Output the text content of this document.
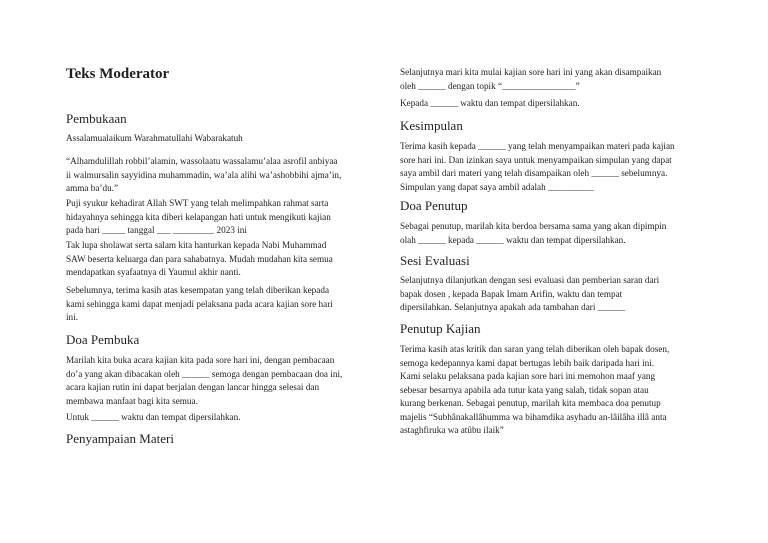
Teks Moderator
Pembukaan
Assalamualaikum Warahmatullahi Wabarakatuh
“Alhamdulillah robbil’alamin, wassolaatu wassalamu’alaa asrofil anbiyaa
ii walmursalin sayyidina muhammadin, wa’ala alihi wa’ashobbihi ajma’in,
amma ba’du.”
Puji syukur kehadirat Allah SWT yang telah melimpahkan rahmat sarta
hidayahnya sehingga kita diberi kelapangan hati untuk mengikuti kajian
pada hari _____ tanggal ___ _________ 2023 ini
Tak lupa sholawat serta salam kita hanturkan kepada Nabi Muhammad
SAW beserta keluarga dan para sahabatnya. Mudah mudahan kita semua
mendapatkan syafaatnya di Yaumul akhir nanti.
Sebelumnya, terima kasih atas kesempatan yang telah diberikan kepada
kami sehingga kami dapat menjadi pelaksana pada acara kajian sore hari
ini.
Doa Pembuka
Marilah kita buka acara kajian kita pada sore hari ini, dengan pembacaan
do’a yang akan dibacakan oleh ______ semoga dengan pembacaan doa ini,
acara kajian rutin ini dapat berjalan dengan lancar hingga selesai dan
membawa manfaat bagi kita semua.
Untuk ______ waktu dan tempat dipersilahkan.
Penyampaian Materi
Selanjutnya mari kita mulai kajian sore hari ini yang akan disampaikan
oleh ______ dengan topik “________________”
Kepada ______ waktu dan tempat dipersilahkan.
Kesimpulan
Terima kasih kepada ______ yang telah menyampaikan materi pada kajian
sore hari ini. Dan izinkan saya untuk menyampaikan simpulan yang dapat
saya ambil dari materi yang telah disampaikan oleh ______ sebelumnya.
Simpulan yang dapat saya ambil adalah __________
Doa Penutup
Sebagai penutup, marilah kita berdoa bersama sama yang akan dipimpin
olah ______ kepada ______ waktu dan tempat dipersilahkan.
Sesi Evaluasi
Selanjutnya dilanjutkan dengan sesi evaluasi dan pemberian saran dari
bapak dosen , kepada Bapak Imam Arifin, waktu dan tempat
dipersilahkan. Selanjutnya apakah ada tambahan dari ______
Penutup Kajian
Terima kasih atas kritik dan saran yang telah diberikan oleh bapak dosen,
semoga kedepannya kami dapat bertugas lebih baik daripada hari ini.
Kami selaku pelaksana pada kajian sore hari ini memohon maaf yang
sebesar besarnya apabila ada tutur kata yang salah, tidak sopan atau
kurang berkenan. Sebagai penutup, marilah kita membaca doa penutup
majelis “Subhânakallâhumma wa bihamdika asyhadu an-lâilâha illâ anta
astaghfiruka wa atûbu ilaik”
